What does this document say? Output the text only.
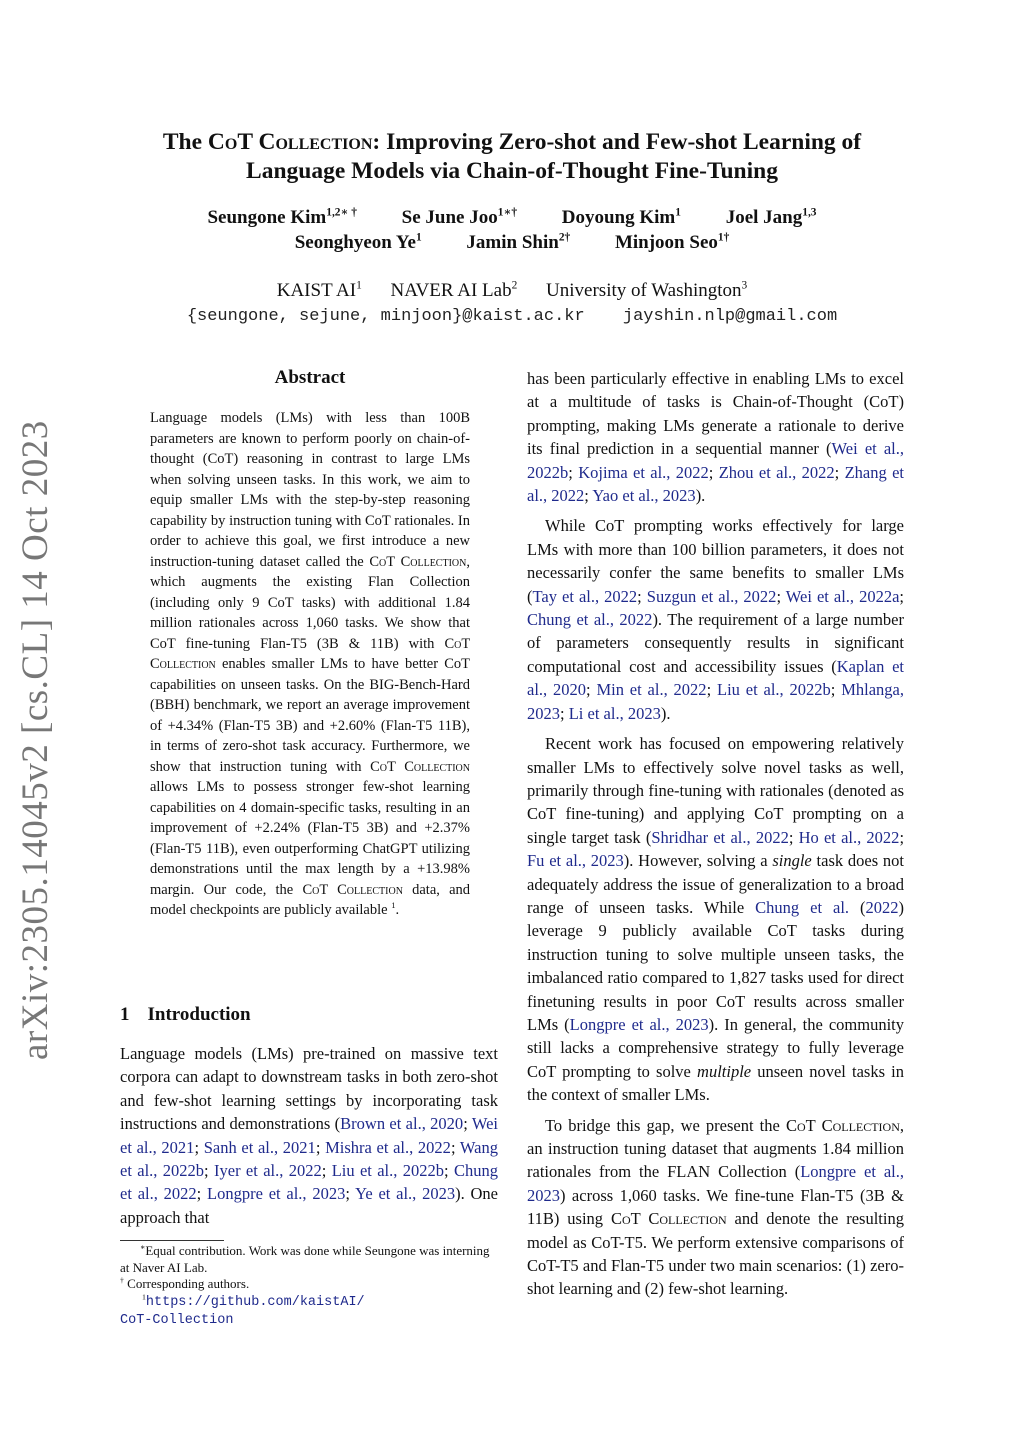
arXiv:2305.14045v2 [cs.CL] 14 Oct 2023
The CoT Collection: Improving Zero-shot and Few-shot Learning of
Language Models via Chain-of-Thought Fine-Tuning

Seungone Kim$^{1,2∗ \dagger}$ Se June Joo$^{1∗\dagger}$ Doyoung Kim$^1$ Joel Jang$^{1,3}$

Seonghyeon Ye$^1$ Jamin Shin$^{2\dagger}$ Minjoon Seo$^{1\dagger}$

KAIST $AI^1$ NAVER AI Lab$^2$ University of Washington$^3$

{seungone, sejune, minjoon}@kaist.ac.kr jayshin.nlp@gmail.com

Abstract

Language models (LMs) with less than 100B parameters are known to perform poorly on chain-of-thought (CoT) reasoning in contrast to large LMs when solving unseen tasks. In this work, we aim to equip smaller LMs with the step-by-step reasoning capability by instruction tuning with CoT rationales. In order to achieve this goal, we first introduce a new instruction-tuning dataset called the CoT Collection, which augments the existing Flan Collection (including only 9 CoT tasks) with additional 1.84 million rationales across 1,060 tasks. We show that CoT fine-tuning Flan-T5 (3B & 11B) with CoT Collection enables smaller LMs to have better CoT capabilities on unseen tasks. On the BIG-Bench-Hard (BBH) benchmark, we report an average improvement of +4.34% (Flan-T5 3B) and +2.60% (Flan-T5 11B), in terms of zero-shot task accuracy. Furthermore, we show that instruction tuning with CoT Collection allows LMs to possess stronger few-shot learning capabilities on 4 domain-specific tasks, resulting in an improvement of +2.24% (Flan-T5 3B) and +2.37% (Flan-T5 11B), even outperforming ChatGPT utilizing demonstrations until the max length by a +13.98% margin. Our code, the CoT Collection data, and model checkpoints are publicly available $^1$.

1 Introduction

Language models (LMs) pre-trained on massive text corpora can adapt to downstream tasks in both zero-shot and few-shot learning settings by incorporating task instructions and demonstrations (Brown et al., 2020; Wei et al., 2021; Sanh et al., 2021; Mishra et al., 2022; Wang et al., 2022b; Iyer et al., 2022; Liu et al., 2022b; Chung et al., 2022; Longpre et al., 2023; Ye et al., 2023). One approach that

has been particularly effective in enabling LMs to excel at a multitude of tasks is Chain-of-Thought (CoT) prompting, making LMs generate a rationale to derive its final prediction in a sequential manner (Wei et al., 2022b; Kojima et al., 2022; Zhou et al., 2022; Zhang et al., 2022; Yao et al., 2023).

While CoT prompting works effectively for large LMs with more than 100 billion parameters, it does not necessarily confer the same benefits to smaller LMs (Tay et al., 2022; Suzgun et al., 2022; Wei et al., 2022a; Chung et al., 2022). The requirement of a large number of parameters consequently results in significant computational cost and accessibility issues (Kaplan et al., 2020; Min et al., 2022; Liu et al., 2022b; Mhlanga, 2023; Li et al., 2023).

Recent work has focused on empowering relatively smaller LMs to effectively solve novel tasks as well, primarily through fine-tuning with rationales (denoted as CoT fine-tuning) and applying CoT prompting on a single target task (Shridhar et al., 2022; Ho et al., 2022; Fu et al., 2023). However, solving a single task does not adequately address the issue of generalization to a broad range of unseen tasks. While Chung et al. (2022) leverage 9 publicly available CoT tasks during instruction tuning to solve multiple unseen tasks, the imbalanced ratio compared to 1,827 tasks used for direct finetuning results in poor CoT results across smaller LMs (Longpre et al., 2023). In general, the community still lacks a comprehensive strategy to fully leverage CoT prompting to solve multiple unseen novel tasks in the context of smaller LMs.

To bridge this gap, we present the CoT Collection, an instruction tuning dataset that augments 1.84 million rationales from the FLAN Collection (Longpre et al., 2023) across 1,060 tasks. We fine-tune Flan-T5 (3B & 11B) using CoT Collection and denote the resulting model as CoT-T5. We perform extensive comparisons of CoT-T5 and Flan-T5 under two main scenarios: (1) zero-shot learning and (2) few-shot learning.

∗Equal contribution. Work was done while Seungone was interning at Naver AI Lab.

† Corresponding authors.

$^1$https://github.com/kaistAI/
CoT-Collection
